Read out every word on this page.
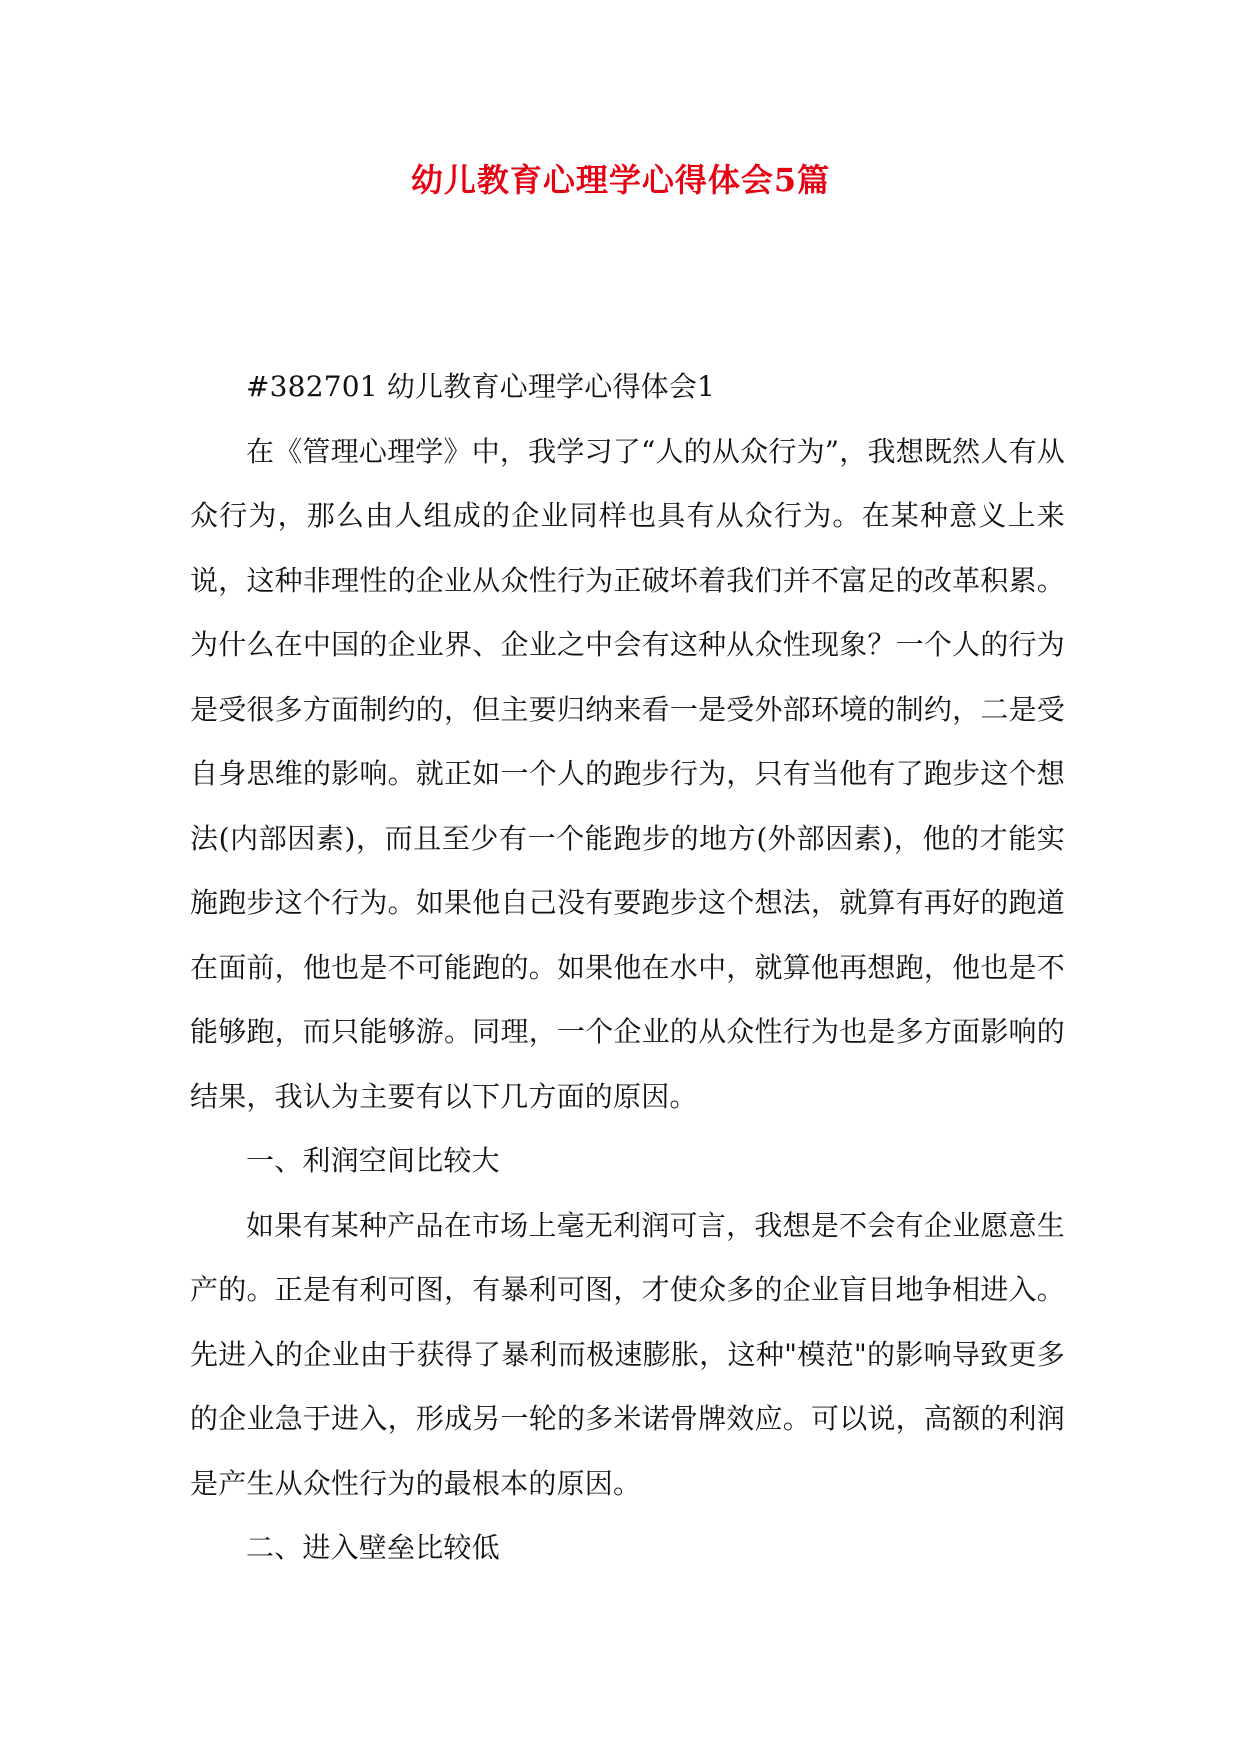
幼儿教育心理学心得体会5篇

#382701 幼儿教育心理学心得体会1

在《管理心理学》中，我学习了“人的从众行为”，我想既然人有从众行为，那么由人组成的企业同样也具有从众行为。在某种意义上来说，这种非理性的企业从众性行为正破坏着我们并不富足的改革积累。为什么在中国的企业界、企业之中会有这种从众性现象？一个人的行为是受很多方面制约的，但主要归纳来看一是受外部环境的制约，二是受自身思维的影响。就正如一个人的跑步行为，只有当他有了跑步这个想法(内部因素)，而且至少有一个能跑步的地方(外部因素)，他的才能实施跑步这个行为。如果他自己没有要跑步这个想法，就算有再好的跑道在面前，他也是不可能跑的。如果他在水中，就算他再想跑，他也是不能够跑，而只能够游。同理，一个企业的从众性行为也是多方面影响的结果，我认为主要有以下几方面的原因。

一、利润空间比较大

如果有某种产品在市场上毫无利润可言，我想是不会有企业愿意生产的。正是有利可图，有暴利可图，才使众多的企业盲目地争相进入。先进入的企业由于获得了暴利而极速膨胀，这种"模范"的影响导致更多的企业急于进入，形成另一轮的多米诺骨牌效应。可以说，高额的利润是产生从众性行为的最根本的原因。

二、进入壁垒比较低
